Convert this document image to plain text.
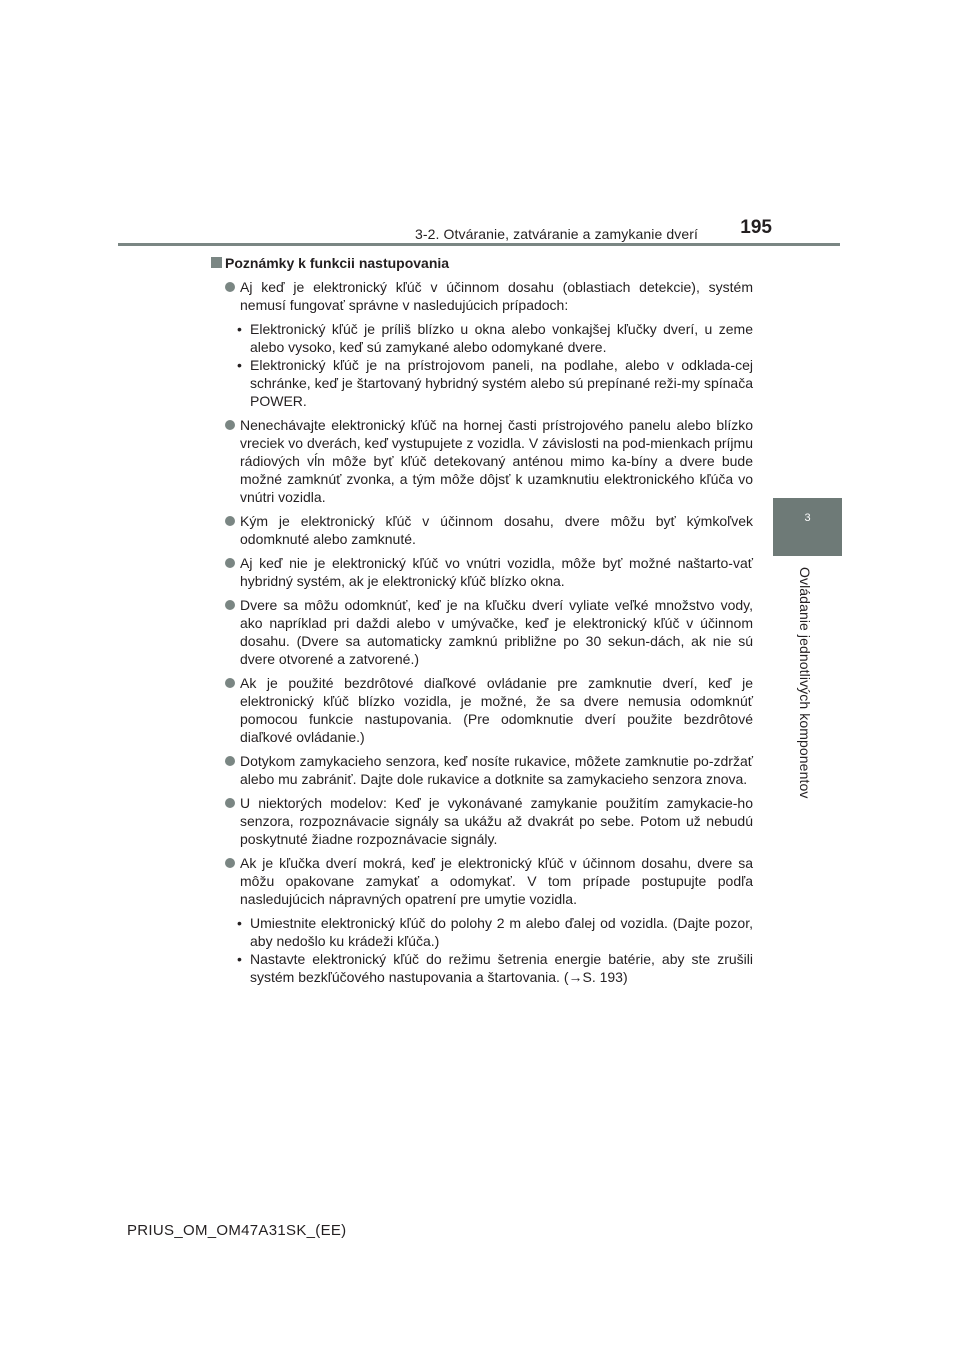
3-2. Otváranie, zatváranie a zamykanie dverí 195
3
Ovládanie jednotlivých komponentov
Poznámky k funkcii nastupovania
Aj keď je elektronický kľúč v účinnom dosahu (oblastiach detekcie), systém nemusí fungovať správne v nasledujúcich prípadoch:
• Elektronický kľúč je príliš blízko u okna alebo vonkajšej kľučky dverí, u zeme alebo vysoko, keď sú zamykané alebo odomykané dvere.
• Elektronický kľúč je na prístrojovom paneli, na podlahe, alebo v odklada-cej schránke, keď je štartovaný hybridný systém alebo sú prepínané reži-my spínača POWER.
Nenechávajte elektronický kľúč na hornej časti prístrojového panelu alebo blízko vreciek vo dverách, keď vystupujete z vozidla. V závislosti na pod-mienkach príjmu rádiových vĺn môže byť kľúč detekovaný anténou mimo ka-bíny a dvere bude možné zamknúť zvonka, a tým môže dôjsť k uzamknutiu elektronického kľúča vo vnútri vozidla.
Kým je elektronický kľúč v účinnom dosahu, dvere môžu byť kýmkoľvek odomknuté alebo zamknuté.
Aj keď nie je elektronický kľúč vo vnútri vozidla, môže byť možné naštarto-vať hybridný systém, ak je elektronický kľúč blízko okna.
Dvere sa môžu odomknúť, keď je na kľučku dverí vyliate veľké množstvo vody, ako napríklad pri daždi alebo v umývačke, keď je elektronický kľúč v účinnom dosahu. (Dvere sa automaticky zamknú približne po 30 sekun-dách, ak nie sú dvere otvorené a zatvorené.)
Ak je použité bezdrôtové diaľkové ovládanie pre zamknutie dverí, keď je elektronický kľúč blízko vozidla, je možné, že sa dvere nemusia odomknúť pomocou funkcie nastupovania. (Pre odomknutie dverí použite bezdrôtové diaľkové ovládanie.)
Dotykom zamykacieho senzora, keď nosíte rukavice, môžete zamknutie po-zdržať alebo mu zabrániť. Dajte dole rukavice a dotknite sa zamykacieho senzora znova.
U niektorých modelov: Keď je vykonávané zamykanie použitím zamykacie-ho senzora, rozpoznávacie signály sa ukážu až dvakrát po sebe. Potom už nebudú poskytnuté žiadne rozpoznávacie signály.
Ak je kľučka dverí mokrá, keď je elektronický kľúč v účinnom dosahu, dvere sa môžu opakovane zamykať a odomykať. V tom prípade postupujte podľa nasledujúcich nápravných opatrení pre umytie vozidla.
• Umiestnite elektronický kľúč do polohy 2 m alebo ďalej od vozidla. (Dajte pozor, aby nedošlo ku krádeži kľúča.)
• Nastavte elektronický kľúč do režimu šetrenia energie batérie, aby ste zrušili systém bezkľúčového nastupovania a štartovania. (→S. 193)
PRIUS_OM_OM47A31SK_(EE)
